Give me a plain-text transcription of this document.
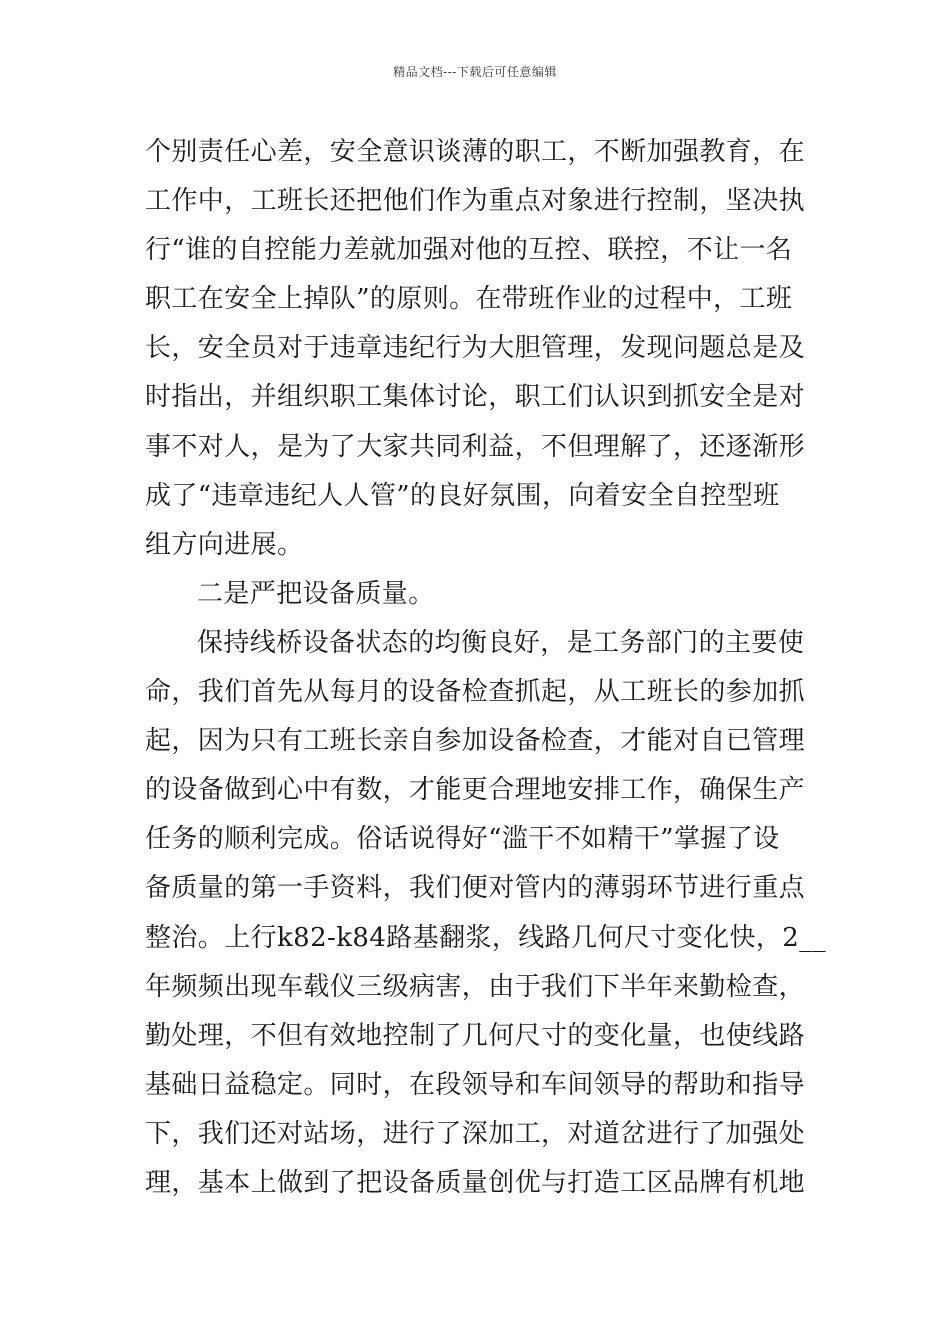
精品文档---下载后可任意编辑
个别责任心差，安全意识谈薄的职工，不断加强教育，在
工作中，工班长还把他们作为重点对象进行控制，坚决执
行“谁的自控能力差就加强对他的互控、联控，不让一名
职工在安全上掉队”的原则。在带班作业的过程中，工班
长，安全员对于违章违纪行为大胆管理，发现问题总是及
时指出，并组织职工集体讨论，职工们认识到抓安全是对
事不对人，是为了大家共同利益，不但理解了，还逐渐形
成了“违章违纪人人管”的良好氛围，向着安全自控型班
组方向进展。
二是严把设备质量。
保持线桥设备状态的均衡良好，是工务部门的主要使
命，我们首先从每月的设备检查抓起，从工班长的参加抓
起，因为只有工班长亲自参加设备检查，才能对自已管理
的设备做到心中有数，才能更合理地安排工作，确保生产
任务的顺利完成。俗话说得好“滥干不如精干”掌握了设
备质量的第一手资料，我们便对管内的薄弱环节进行重点
整治。上行k82-k84路基翻浆，线路几何尺寸变化快，2__
年频频出现车载仪三级病害，由于我们下半年来勤检查，
勤处理，不但有效地控制了几何尺寸的变化量，也使线路
基础日益稳定。同时，在段领导和车间领导的帮助和指导
下，我们还对站场，进行了深加工，对道岔进行了加强处
理，基本上做到了把设备质量创优与打造工区品牌有机地
